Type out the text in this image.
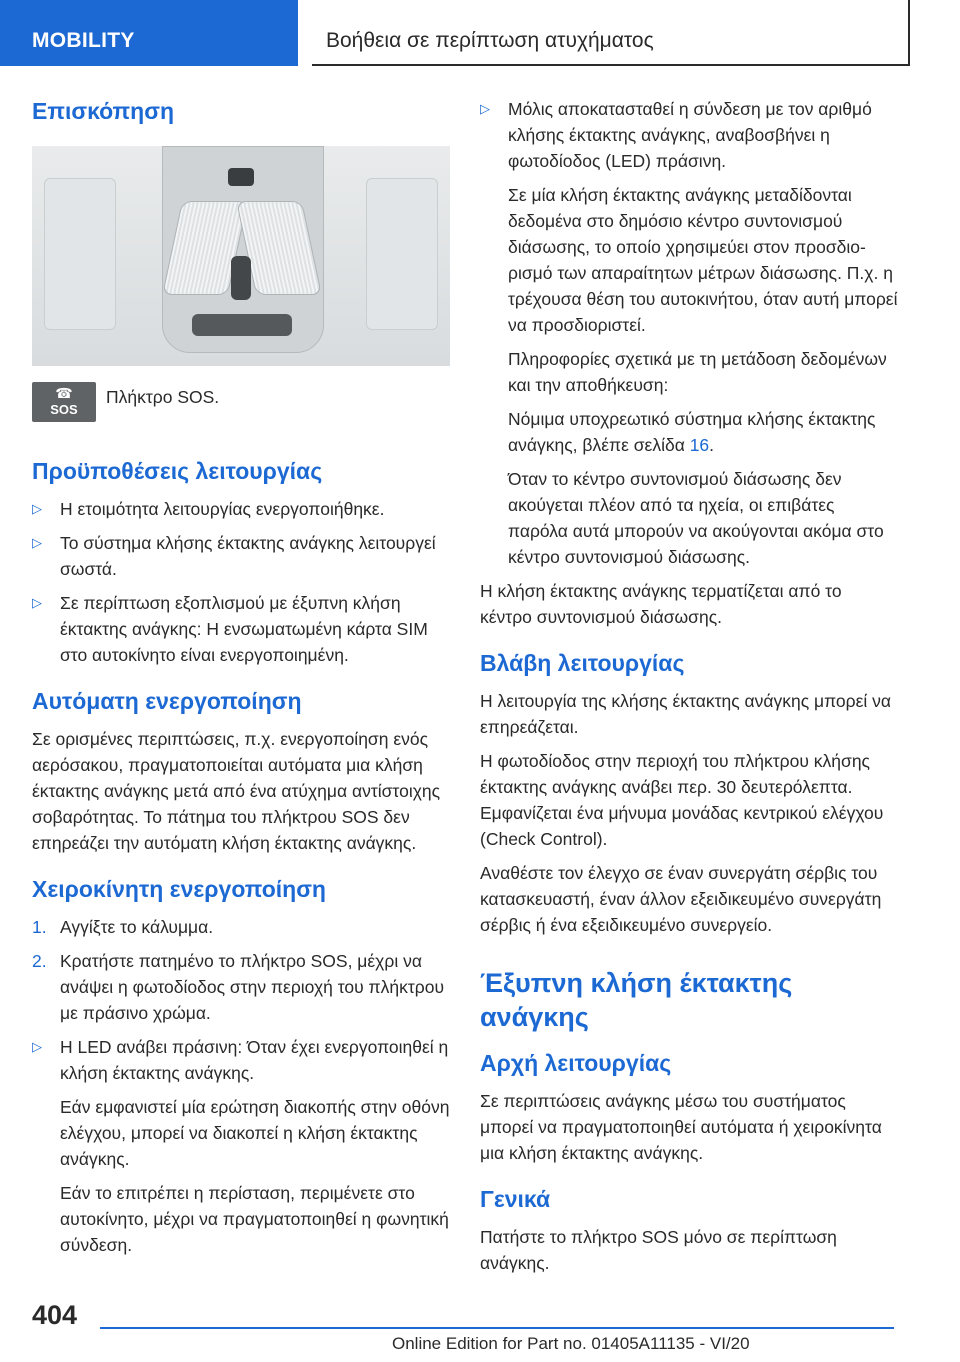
MOBILITY	Βοήθεια σε περίπτωση ατυχήματος
Επισκόπηση
☎
SOS
Πλήκτρο SOS.
Προϋποθέσεις λειτουργίας
▷ Η ετοιμότητα λειτουργίας ενεργοποιήθηκε.
▷ Το σύστημα κλήσης έκτακτης ανάγκης λειτουργεί σωστά.
▷ Σε περίπτωση εξοπλισμού με έξυπνη κλήση έκτακτης ανάγκης: Η ενσωματωμένη κάρτα SIM στο αυτοκίνητο είναι ενεργοποιημένη.
Αυτόματη ενεργοποίηση
Σε ορισμένες περιπτώσεις, π.χ. ενεργοποίηση ενός αερόσακου, πραγματοποιείται αυτόματα μια κλήση έκτακτης ανάγκης μετά από ένα ατύχημα αντίστοιχης σοβαρότητας. Το πάτημα του πλήκτρου SOS δεν επηρεάζει την αυτόματη κλήση έκτακτης ανάγκης.
Χειροκίνητη ενεργοποίηση
1. Αγγίξτε το κάλυμμα.
2. Κρατήστε πατημένο το πλήκτρο SOS, μέχρι να ανάψει η φωτοδίοδος στην περιοχή του πλήκτρου με πράσινο χρώμα.
▷ Η LED ανάβει πράσινη: Όταν έχει ενεργοποιηθεί η κλήση έκτακτης ανάγκης.
Εάν εμφανιστεί μία ερώτηση διακοπής στην οθόνη ελέγχου, μπορεί να διακοπεί η κλήση έκτακτης ανάγκης.
Εάν το επιτρέπει η περίσταση, περιμένετε στο αυτοκίνητο, μέχρι να πραγματοποιηθεί η φωνητική σύνδεση.
▷ Μόλις αποκατασταθεί η σύνδεση με τον αριθμό κλήσης έκτακτης ανάγκης, αναβοσβήνει η φωτοδίοδος (LED) πράσινη.
Σε μία κλήση έκτακτης ανάγκης μεταδίδονται δεδομένα στο δημόσιο κέντρο συντονισμού διάσωσης, το οποίο χρησιμεύει στον προσδιορισμό των απαραίτητων μέτρων διάσωσης. Π.χ. η τρέχουσα θέση του αυτοκινήτου, όταν αυτή μπορεί να προσδιοριστεί.
Πληροφορίες σχετικά με τη μετάδοση δεδομένων και την αποθήκευση:
Νόμιμα υποχρεωτικό σύστημα κλήσης έκτακτης ανάγκης, βλέπε σελίδα 16.
Όταν το κέντρο συντονισμού διάσωσης δεν ακούγεται πλέον από τα ηχεία, οι επιβάτες παρόλα αυτά μπορούν να ακούγονται ακόμα στο κέντρο συντονισμού διάσωσης.
Η κλήση έκτακτης ανάγκης τερματίζεται από το κέντρο συντονισμού διάσωσης.
Βλάβη λειτουργίας
Η λειτουργία της κλήσης έκτακτης ανάγκης μπορεί να επηρεάζεται.
Η φωτοδίοδος στην περιοχή του πλήκτρου κλήσης έκτακτης ανάγκης ανάβει περ. 30 δευτερόλεπτα. Εμφανίζεται ένα μήνυμα μονάδας κεντρικού ελέγχου (Check Control).
Αναθέστε τον έλεγχο σε έναν συνεργάτη σέρβις του κατασκευαστή, έναν άλλον εξειδικευμένο συνεργάτη σέρβις ή ένα εξειδικευμένο συνεργείο.
Έξυπνη κλήση έκτακτης ανάγκης
Αρχή λειτουργίας
Σε περιπτώσεις ανάγκης μέσω του συστήματος μπορεί να πραγματοποιηθεί αυτόματα ή χειροκίνητα μια κλήση έκτακτης ανάγκης.
Γενικά
Πατήστε το πλήκτρο SOS μόνο σε περίπτωση ανάγκης.
404
Online Edition for Part no. 01405A11135 - VI/20
